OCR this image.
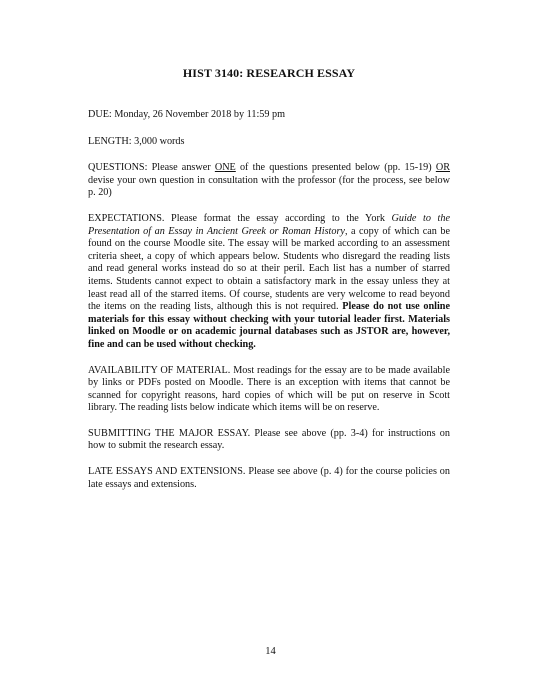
HIST 3140: RESEARCH ESSAY

DUE: Monday, 26 November 2018 by 11:59 pm

LENGTH: 3,000 words

QUESTIONS: Please answer ONE of the questions presented below (pp. 15-19) OR devise your own question in consultation with the professor (for the process, see below p. 20)

EXPECTATIONS. Please format the essay according to the York Guide to the Presentation of an Essay in Ancient Greek or Roman History, a copy of which can be found on the course Moodle site. The essay will be marked according to an assessment criteria sheet, a copy of which appears below. Students who disregard the reading lists and read general works instead do so at their peril. Each list has a number of starred items. Students cannot expect to obtain a satisfactory mark in the essay unless they at least read all of the starred items. Of course, students are very welcome to read beyond the items on the reading lists, although this is not required. Please do not use online materials for this essay without checking with your tutorial leader first. Materials linked on Moodle or on academic journal databases such as JSTOR are, however, fine and can be used without checking.

AVAILABILITY OF MATERIAL. Most readings for the essay are to be made available by links or PDFs posted on Moodle. There is an exception with items that cannot be scanned for copyright reasons, hard copies of which will be put on reserve in Scott library. The reading lists below indicate which items will be on reserve.

SUBMITTING THE MAJOR ESSAY. Please see above (pp. 3-4) for instructions on how to submit the research essay.

LATE ESSAYS AND EXTENSIONS. Please see above (p. 4) for the course policies on late essays and extensions.

14
